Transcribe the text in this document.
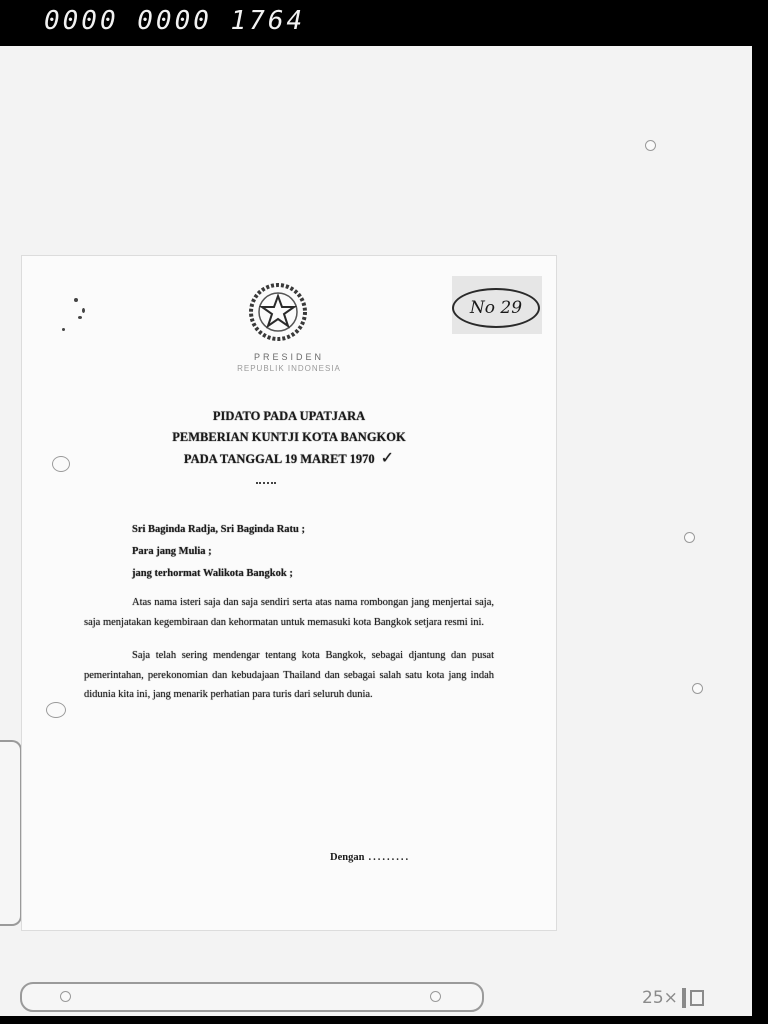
0000 0000 1764
PRESIDEN
REPUBLIK INDONESIA
No 29
PIDATO PADA UPATJARA
PEMBERIAN KUNTJI KOTA BANGKOK
PADA TANGGAL 19 MARET 1970 ✓
Sri Baginda Radja, Sri Baginda Ratu ;
Para jang Mulia ;
jang terhormat Walikota Bangkok ;
Atas nama isteri saja dan saja sendiri serta atas nama rombongan jang menjertai saja, saja menjatakan kegembiraan dan kehormatan untuk memasuki kota Bangkok setjara resmi ini.
Saja telah sering mendengar tentang kota Bangkok, sebagai djantung dan pusat pemerintahan, perekonomian dan kebudajaan Thailand dan sebagai salah satu kota jang indah didunia kita ini, jang menarik perhatian para turis dari seluruh dunia.
Dengan .........
25×
